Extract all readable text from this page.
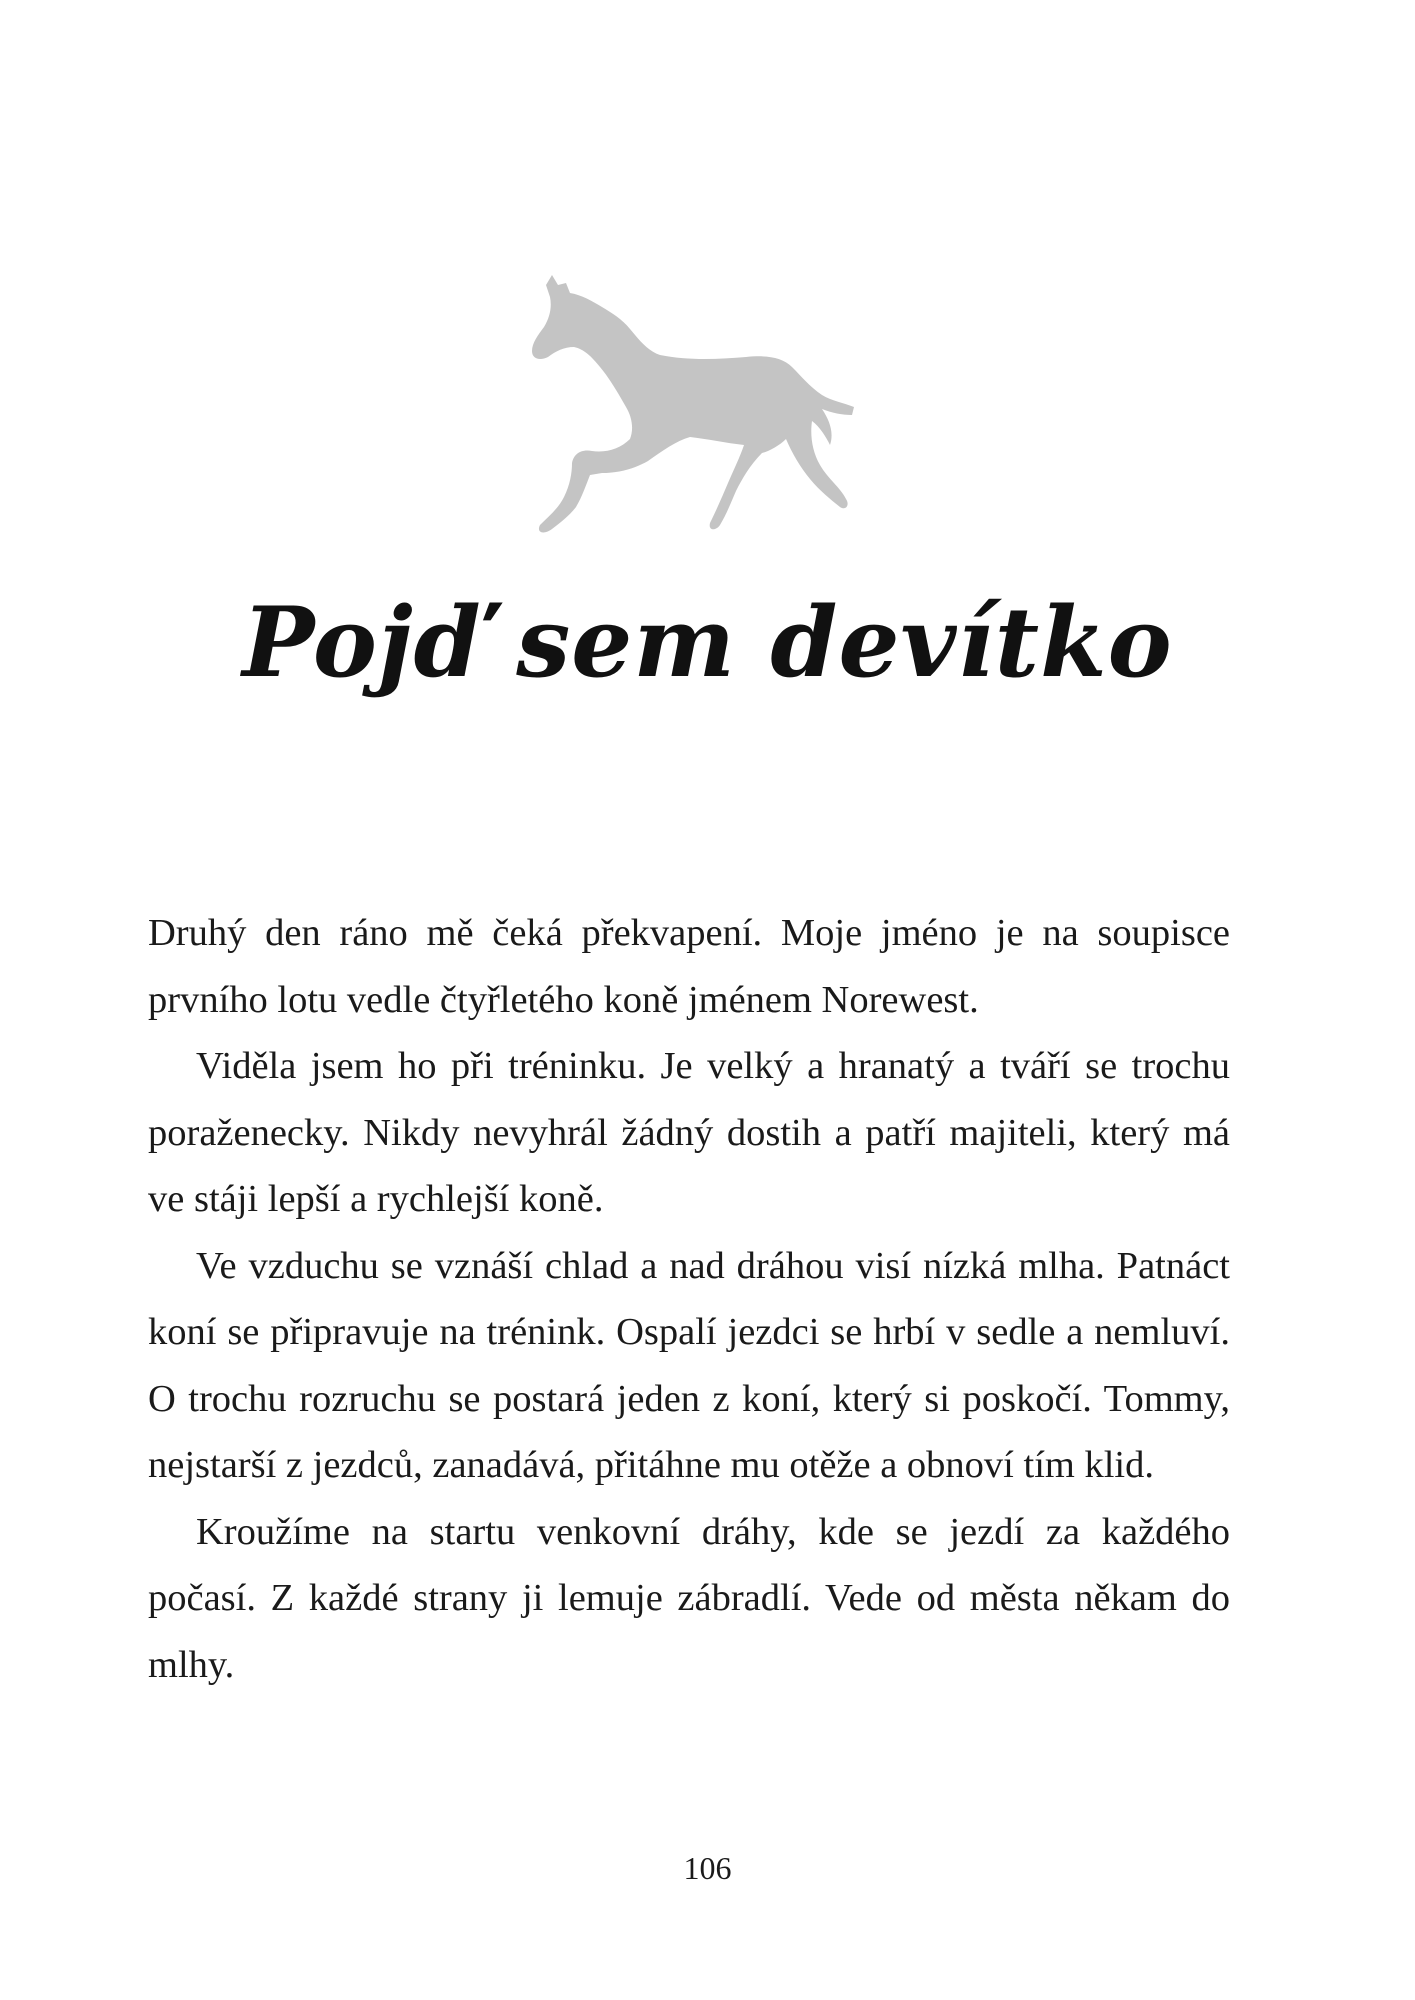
Pojď sem devítko

Druhý den ráno mě čeká překvapení. Moje jméno je na soupisce prvního lotu vedle čtyřletého koně jménem Norewest.

Viděla jsem ho při tréninku. Je velký a hranatý a tváří se trochu poraženecky. Nikdy nevyhrál žádný dostih a patří majiteli, který má ve stáji lepší a rychlejší koně.

Ve vzduchu se vznáší chlad a nad dráhou visí nízká mlha. Patnáct koní se připravuje na trénink. Ospalí jezdci se hrbí v sedle a nemluví. O trochu rozruchu se postará jeden z koní, který si poskočí. Tommy, nejstarší z jezdců, zanadává, přitáhne mu otěže a obnoví tím klid.

Kroužíme na startu venkovní dráhy, kde se jezdí za každého počasí. Z každé strany ji lemuje zábradlí. Vede od města někam do mlhy.

106
